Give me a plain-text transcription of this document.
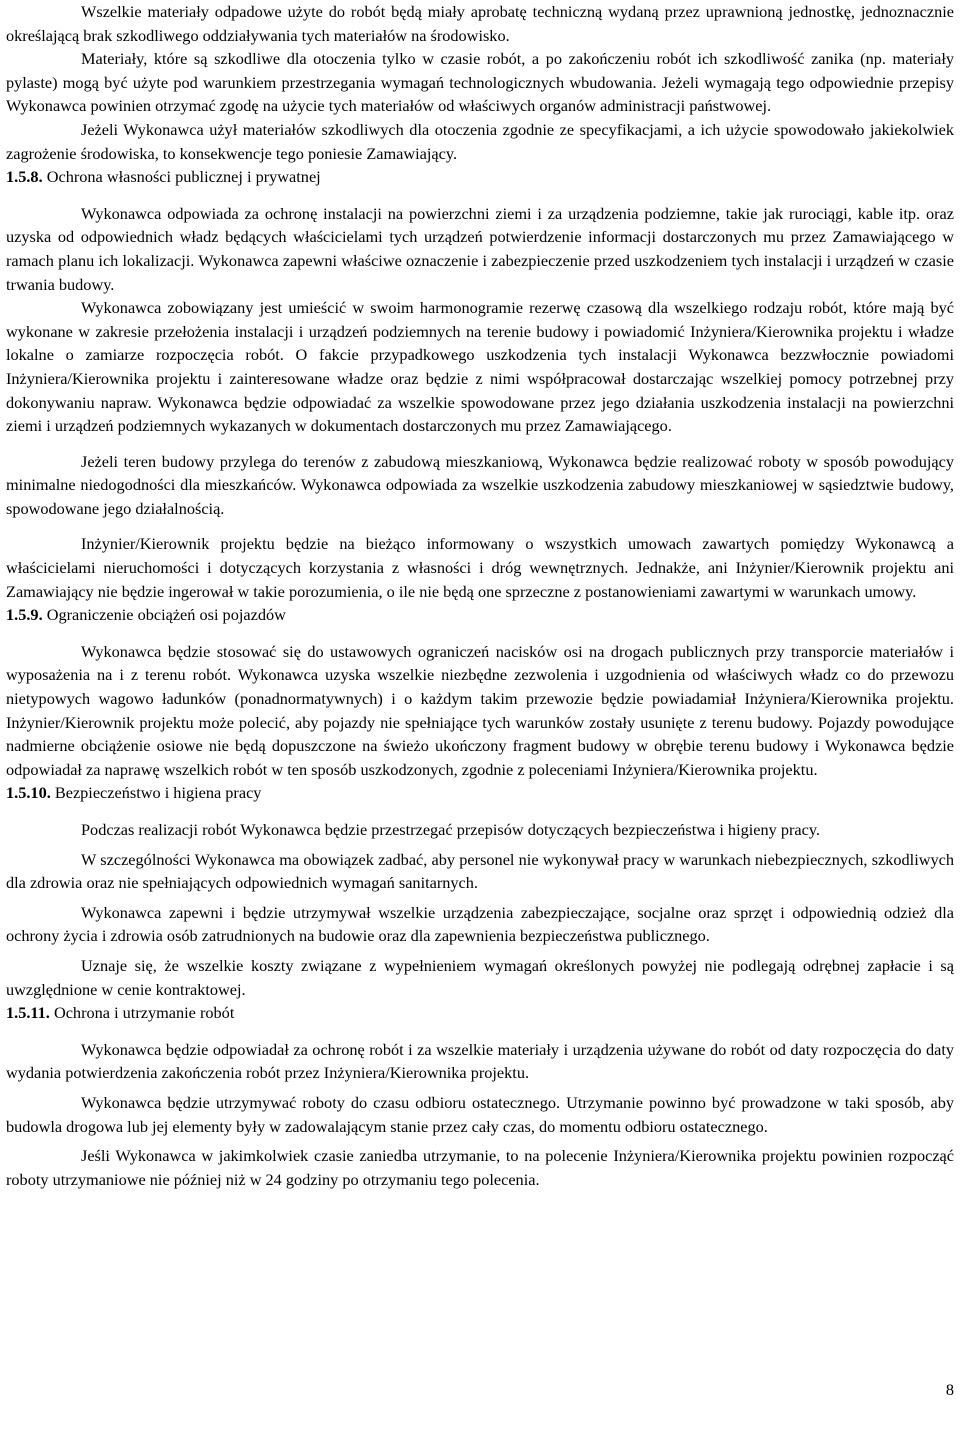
Wszelkie materiały odpadowe użyte do robót będą miały aprobatę techniczną wydaną przez uprawnioną jednostkę, jednoznacznie określającą brak szkodliwego oddziaływania tych materiałów na środowisko.

Materiały, które są szkodliwe dla otoczenia tylko w czasie robót, a po zakończeniu robót ich szkodliwość zanika (np. materiały pylaste) mogą być użyte pod warunkiem przestrzegania wymagań technologicznych wbudowania. Jeżeli wymagają tego odpowiednie przepisy Wykonawca powinien otrzymać zgodę na użycie tych materiałów od właściwych organów administracji państwowej.

Jeżeli Wykonawca użył materiałów szkodliwych dla otoczenia zgodnie ze specyfikacjami, a ich użycie spowodowało jakiekolwiek zagrożenie środowiska, to konsekwencje tego poniesie Zamawiający.

1.5.8. Ochrona własności publicznej i prywatnej

Wykonawca odpowiada za ochronę instalacji na powierzchni ziemi i za urządzenia podziemne, takie jak rurociągi, kable itp. oraz uzyska od odpowiednich władz będących właścicielami tych urządzeń potwierdzenie informacji dostarczonych mu przez Zamawiającego w ramach planu ich lokalizacji. Wykonawca zapewni właściwe oznaczenie i zabezpieczenie przed uszkodzeniem tych instalacji i urządzeń w czasie trwania budowy.

Wykonawca zobowiązany jest umieścić w swoim harmonogramie rezerwę czasową dla wszelkiego rodzaju robót, które mają być wykonane w zakresie przełożenia instalacji i urządzeń podziemnych na terenie budowy i powiadomić Inżyniera/Kierownika projektu i władze lokalne o zamiarze rozpoczęcia robót. O fakcie przypadkowego uszkodzenia tych instalacji Wykonawca bezzwłocznie powiadomi Inżyniera/Kierownika projektu i zainteresowane władze oraz będzie z nimi współpracował dostarczając wszelkiej pomocy potrzebnej przy dokonywaniu napraw. Wykonawca będzie odpowiadać za wszelkie spowodowane przez jego działania uszkodzenia instalacji na powierzchni ziemi i urządzeń podziemnych wykazanych w dokumentach dostarczonych mu przez Zamawiającego.

Jeżeli teren budowy przylega do terenów z zabudową mieszkaniową, Wykonawca będzie realizować roboty w sposób powodujący minimalne niedogodności dla mieszkańców. Wykonawca odpowiada za wszelkie uszkodzenia zabudowy mieszkaniowej w sąsiedztwie budowy, spowodowane jego działalnością.

Inżynier/Kierownik projektu będzie na bieżąco informowany o wszystkich umowach zawartych pomiędzy Wykonawcą a właścicielami nieruchomości i dotyczących korzystania z własności i dróg wewnętrznych. Jednakże, ani Inżynier/Kierownik projektu ani Zamawiający nie będzie ingerował w takie porozumienia, o ile nie będą one sprzeczne z postanowieniami zawartymi w warunkach umowy.

1.5.9. Ograniczenie obciążeń osi pojazdów

Wykonawca będzie stosować się do ustawowych ograniczeń nacisków osi na drogach publicznych przy transporcie materiałów i wyposażenia na i z terenu robót. Wykonawca uzyska wszelkie niezbędne zezwolenia i uzgodnienia od właściwych władz co do przewozu nietypowych wagowo ładunków (ponadnormatywnych) i o każdym takim przewozie będzie powiadamiał Inżyniera/Kierownika projektu. Inżynier/Kierownik projektu może polecić, aby pojazdy nie spełniające tych warunków zostały usunięte z terenu budowy. Pojazdy powodujące nadmierne obciążenie osiowe nie będą dopuszczone na świeżo ukończony fragment budowy w obrębie terenu budowy i Wykonawca będzie odpowiadał za naprawę wszelkich robót w ten sposób uszkodzonych, zgodnie z poleceniami Inżyniera/Kierownika projektu.

1.5.10. Bezpieczeństwo i higiena pracy

Podczas realizacji robót Wykonawca będzie przestrzegać przepisów dotyczących bezpieczeństwa i higieny pracy.

W szczególności Wykonawca ma obowiązek zadbać, aby personel nie wykonywał pracy w warunkach niebezpiecznych, szkodliwych dla zdrowia oraz nie spełniających odpowiednich wymagań sanitarnych.

Wykonawca zapewni i będzie utrzymywał wszelkie urządzenia zabezpieczające, socjalne oraz sprzęt i odpowiednią odzież dla ochrony życia i zdrowia osób zatrudnionych na budowie oraz dla zapewnienia bezpieczeństwa publicznego.

Uznaje się, że wszelkie koszty związane z wypełnieniem wymagań określonych powyżej nie podlegają odrębnej zapłacie i są uwzględnione w cenie kontraktowej.

1.5.11. Ochrona i utrzymanie robót

Wykonawca będzie odpowiadał za ochronę robót i za wszelkie materiały i urządzenia używane do robót od daty rozpoczęcia do daty wydania potwierdzenia zakończenia robót przez Inżyniera/Kierownika projektu.

Wykonawca będzie utrzymywać roboty do czasu odbioru ostatecznego. Utrzymanie powinno być prowadzone w taki sposób, aby budowla drogowa lub jej elementy były w zadowalającym stanie przez cały czas, do momentu odbioru ostatecznego.

Jeśli Wykonawca w jakimkolwiek czasie zaniedba utrzymanie, to na polecenie Inżyniera/Kierownika projektu powinien rozpocząć roboty utrzymaniowe nie później niż w 24 godziny po otrzymaniu tego polecenia.

8
